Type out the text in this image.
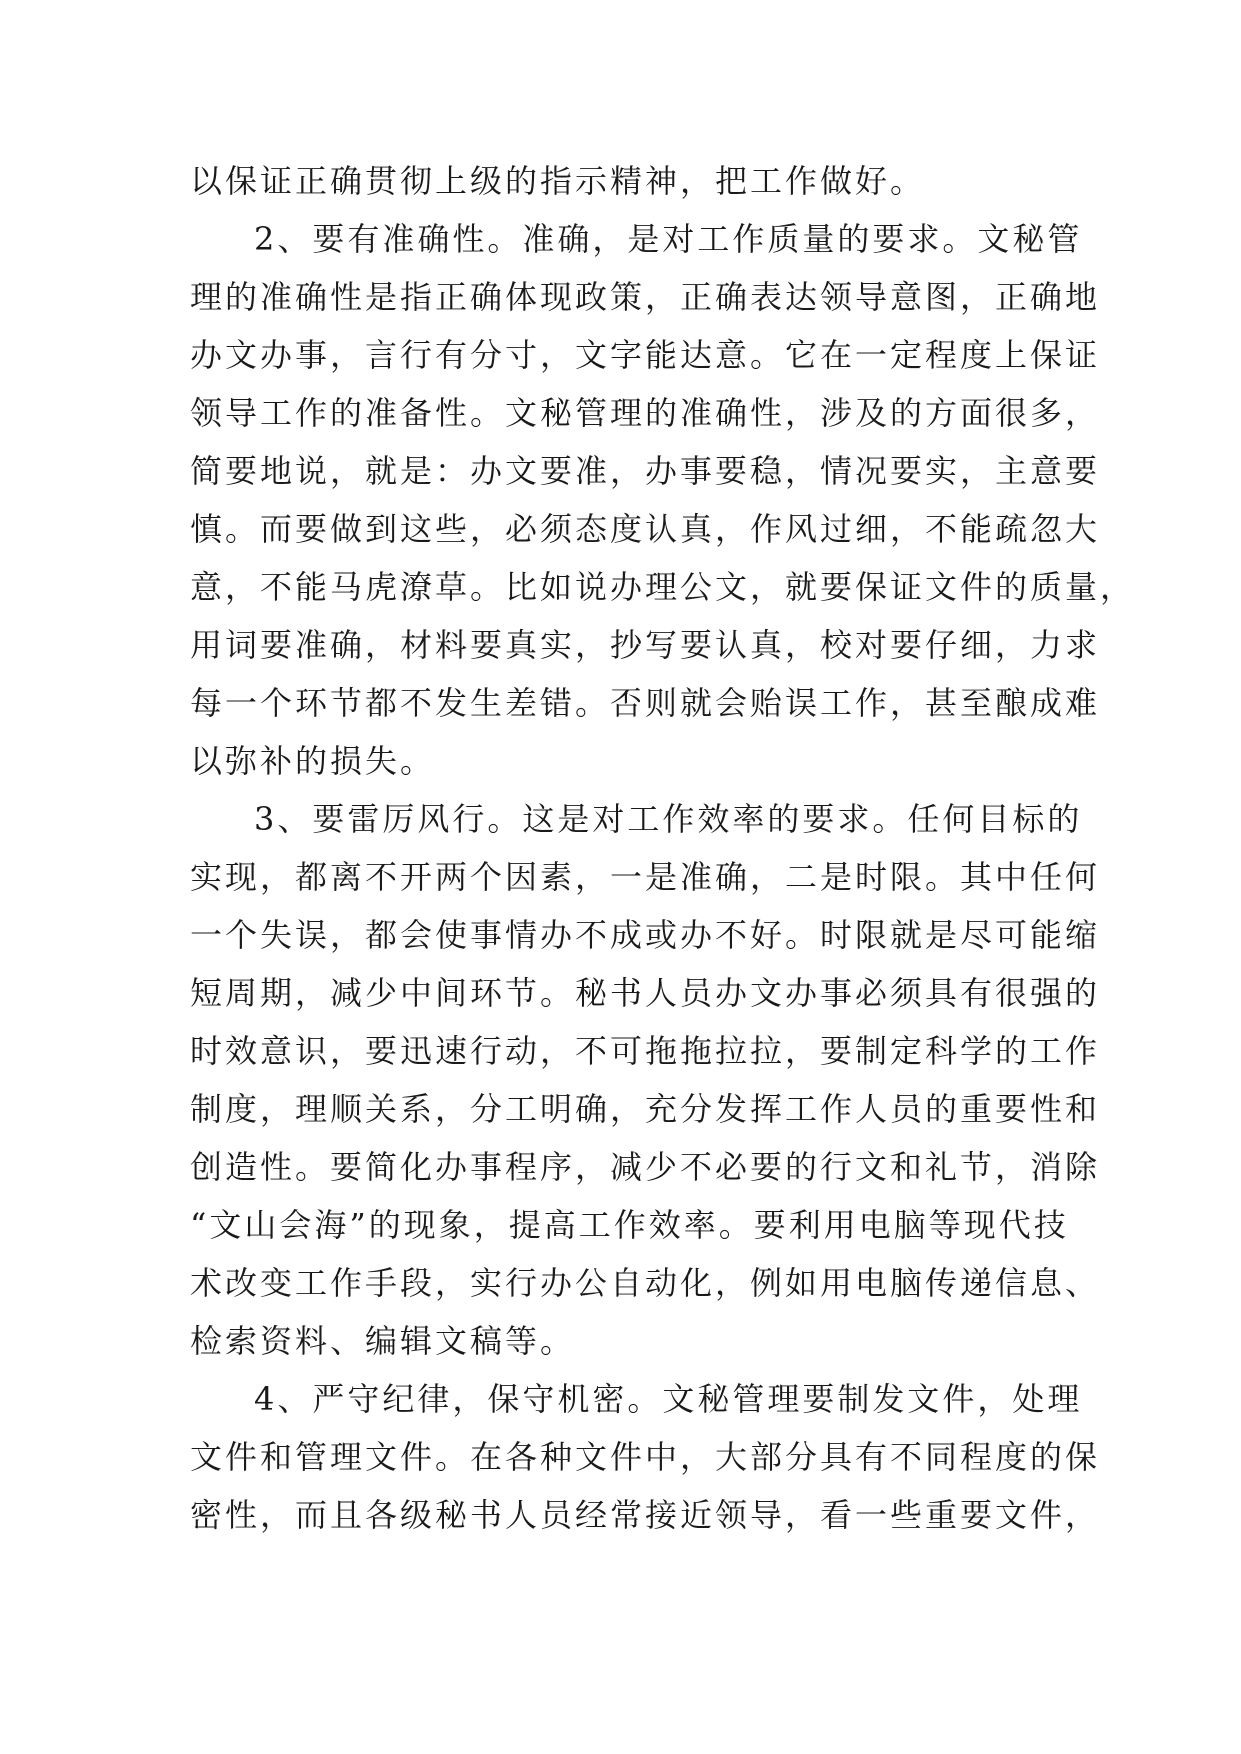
以保证正确贯彻上级的指示精神，把工作做好。
2、要有准确性。准确，是对工作质量的要求。文秘管
理的准确性是指正确体现政策，正确表达领导意图，正确地
办文办事，言行有分寸，文字能达意。它在一定程度上保证
领导工作的准备性。文秘管理的准确性，涉及的方面很多，
简要地说，就是：办文要准，办事要稳，情况要实，主意要
慎。而要做到这些，必须态度认真，作风过细，不能疏忽大
意，不能马虎潦草。比如说办理公文，就要保证文件的质量，
用词要准确，材料要真实，抄写要认真，校对要仔细，力求
每一个环节都不发生差错。否则就会贻误工作，甚至酿成难
以弥补的损失。
3、要雷厉风行。这是对工作效率的要求。任何目标的
实现，都离不开两个因素，一是准确，二是时限。其中任何
一个失误，都会使事情办不成或办不好。时限就是尽可能缩
短周期，减少中间环节。秘书人员办文办事必须具有很强的
时效意识，要迅速行动，不可拖拖拉拉，要制定科学的工作
制度，理顺关系，分工明确，充分发挥工作人员的重要性和
创造性。要简化办事程序，减少不必要的行文和礼节，消除
“文山会海”的现象，提高工作效率。要利用电脑等现代技
术改变工作手段，实行办公自动化，例如用电脑传递信息、
检索资料、编辑文稿等。
4、严守纪律，保守机密。文秘管理要制发文件，处理
文件和管理文件。在各种文件中，大部分具有不同程度的保
密性，而且各级秘书人员经常接近领导，看一些重要文件，
